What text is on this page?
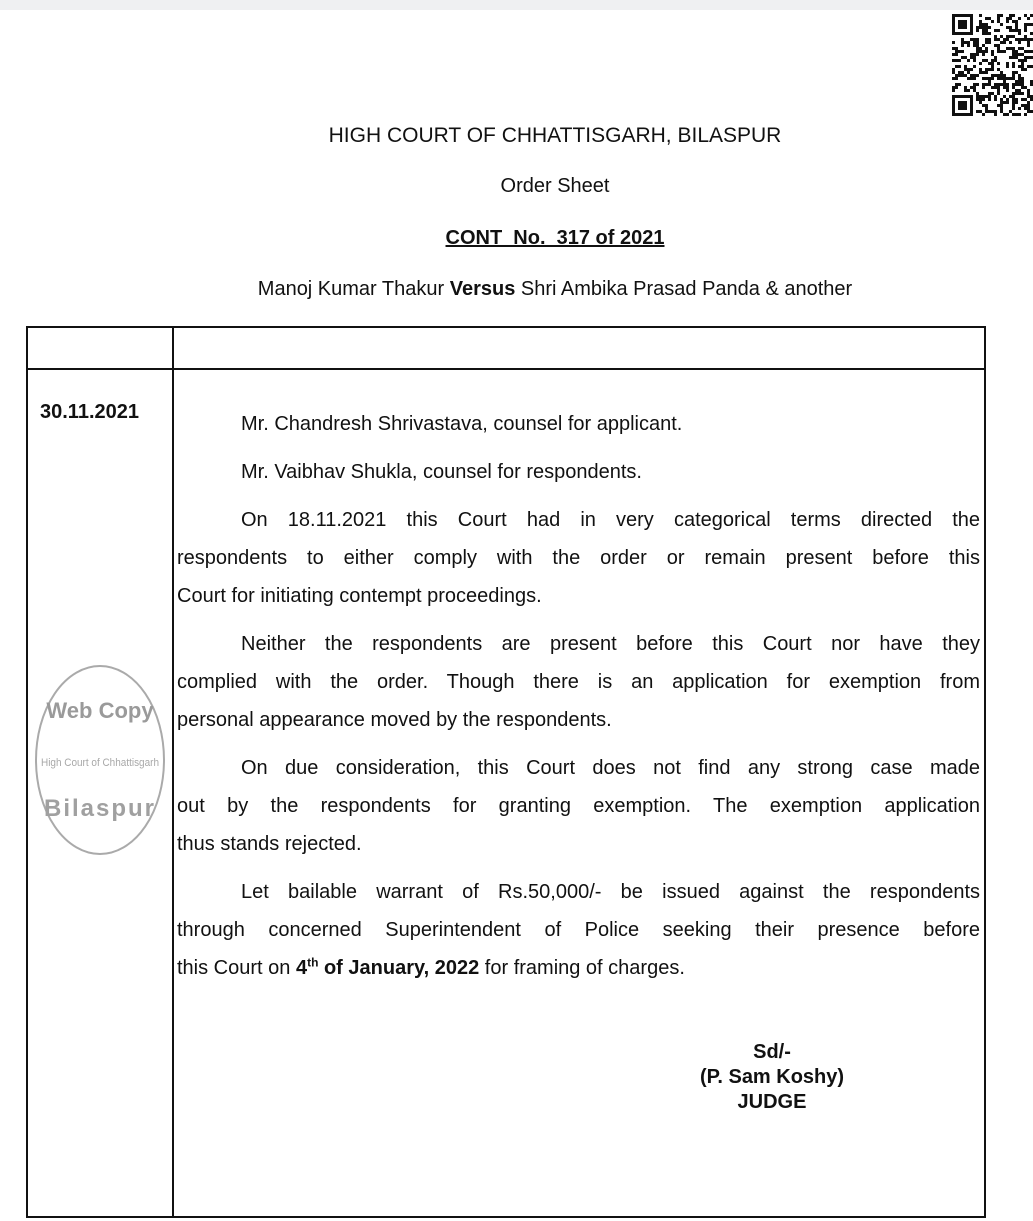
HIGH COURT OF CHHATTISGARH, BILASPUR
Order Sheet
CONT  No.  317 of 2021
Manoj Kumar Thakur Versus Shri Ambika Prasad Panda & another
30.11.2021
Mr. Chandresh Shrivastava, counsel for applicant.
Mr. Vaibhav Shukla, counsel for respondents.
On 18.11.2021 this Court had in very categorical terms directed the
respondents to either comply with the order or remain present before this
Court for initiating contempt proceedings.
Neither the respondents are present before this Court nor have they
complied with the order. Though there is an application for exemption from
personal appearance moved by the respondents.
On due consideration, this Court does not find any strong case made
out by the respondents for granting exemption. The exemption application
thus stands rejected.
Let bailable warrant of Rs.50,000/- be issued against the respondents
through concerned Superintendent of Police seeking their presence before
this Court on 4th of January, 2022 for framing of charges.
Sd/-
(P. Sam Koshy)
JUDGE
Web Copy
High Court of Chhattisgarh
Bilaspur
